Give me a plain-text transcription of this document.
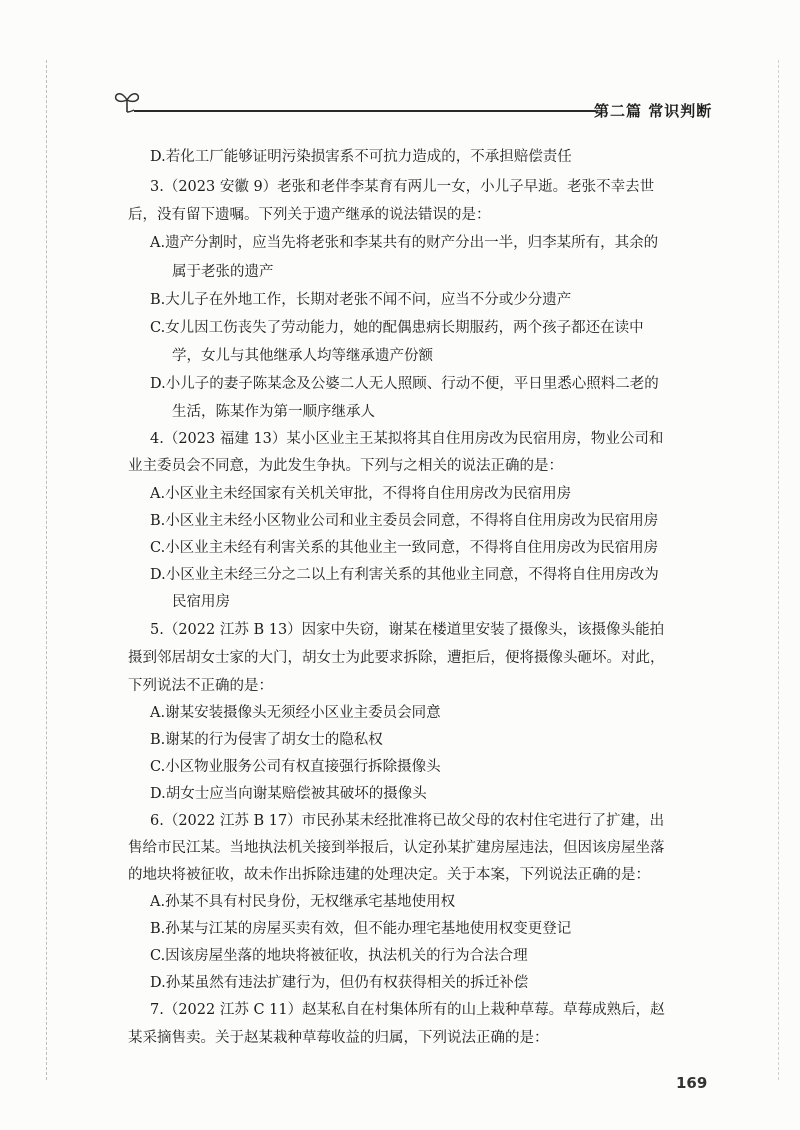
第二篇 常识判断
D.若化工厂能够证明污染损害系不可抗力造成的，不承担赔偿责任
3.（2023 安徽 9）老张和老伴李某育有两儿一女，小儿子早逝。老张不幸去世
后，没有留下遗嘱。下列关于遗产继承的说法错误的是：
A.遗产分割时，应当先将老张和李某共有的财产分出一半，归李某所有，其余的
属于老张的遗产
B.大儿子在外地工作，长期对老张不闻不问，应当不分或少分遗产
C.女儿因工伤丧失了劳动能力，她的配偶患病长期服药，两个孩子都还在读中
学，女儿与其他继承人均等继承遗产份额
D.小儿子的妻子陈某念及公婆二人无人照顾、行动不便，平日里悉心照料二老的
生活，陈某作为第一顺序继承人
4.（2023 福建 13）某小区业主王某拟将其自住用房改为民宿用房，物业公司和
业主委员会不同意，为此发生争执。下列与之相关的说法正确的是：
A.小区业主未经国家有关机关审批，不得将自住用房改为民宿用房
B.小区业主未经小区物业公司和业主委员会同意，不得将自住用房改为民宿用房
C.小区业主未经有利害关系的其他业主一致同意，不得将自住用房改为民宿用房
D.小区业主未经三分之二以上有利害关系的其他业主同意，不得将自住用房改为
民宿用房
5.（2022 江苏 B 13）因家中失窃，谢某在楼道里安装了摄像头，该摄像头能拍
摄到邻居胡女士家的大门，胡女士为此要求拆除，遭拒后，便将摄像头砸坏。对此，
下列说法不正确的是：
A.谢某安装摄像头无须经小区业主委员会同意
B.谢某的行为侵害了胡女士的隐私权
C.小区物业服务公司有权直接强行拆除摄像头
D.胡女士应当向谢某赔偿被其破坏的摄像头
6.（2022 江苏 B 17）市民孙某未经批准将已故父母的农村住宅进行了扩建，出
售给市民江某。当地执法机关接到举报后，认定孙某扩建房屋违法，但因该房屋坐落
的地块将被征收，故未作出拆除违建的处理决定。关于本案，下列说法正确的是：
A.孙某不具有村民身份，无权继承宅基地使用权
B.孙某与江某的房屋买卖有效，但不能办理宅基地使用权变更登记
C.因该房屋坐落的地块将被征收，执法机关的行为合法合理
D.孙某虽然有违法扩建行为，但仍有权获得相关的拆迁补偿
7.（2022 江苏 C 11）赵某私自在村集体所有的山上栽种草莓。草莓成熟后，赵
某采摘售卖。关于赵某栽种草莓收益的归属，下列说法正确的是：
169
